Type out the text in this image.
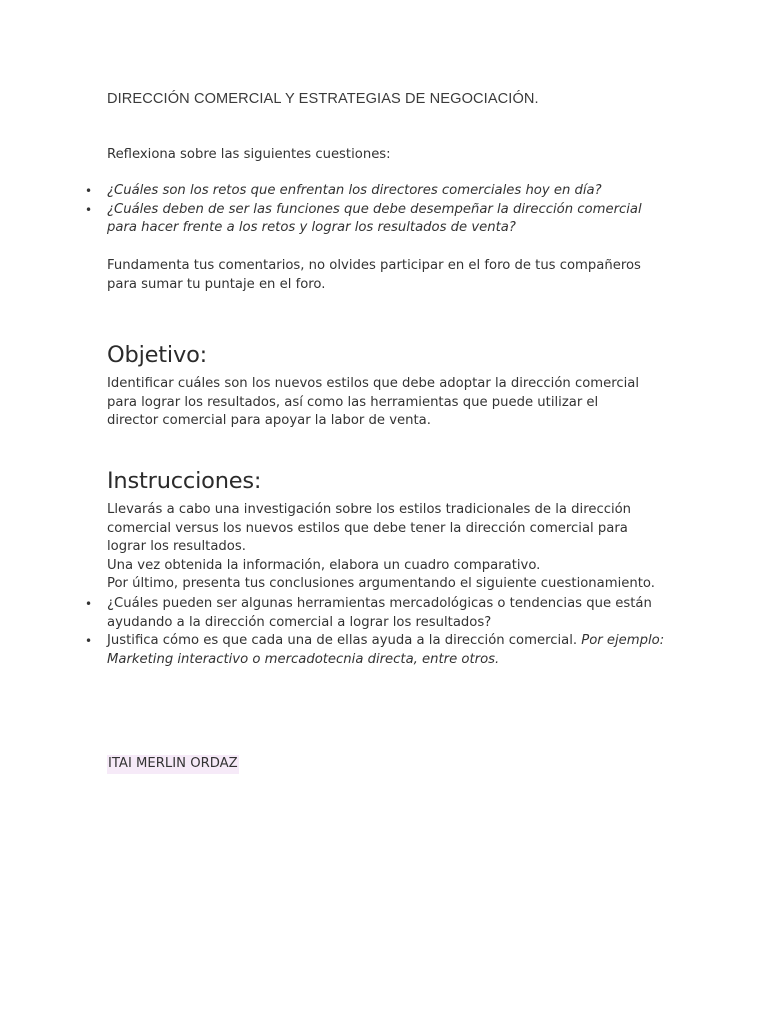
DIRECCIÓN COMERCIAL Y ESTRATEGIAS DE NEGOCIACIÓN.

Reflexiona sobre las siguientes cuestiones:

• ¿Cuáles son los retos que enfrentan los directores comerciales hoy en día?
• ¿Cuáles deben de ser las funciones que debe desempeñar la dirección comercial para hacer frente a los retos y lograr los resultados de venta?

Fundamenta tus comentarios, no olvides participar en el foro de tus compañeros para sumar tu puntaje en el foro.

Objetivo:

Identificar cuáles son los nuevos estilos que debe adoptar la dirección comercial para lograr los resultados, así como las herramientas que puede utilizar el director comercial para apoyar la labor de venta.

Instrucciones:
Llevarás a cabo una investigación sobre los estilos tradicionales de la dirección comercial versus los nuevos estilos que debe tener la dirección comercial para lograr los resultados.
Una vez obtenida la información, elabora un cuadro comparativo.
Por último, presenta tus conclusiones argumentando el siguiente cuestionamiento.
• ¿Cuáles pueden ser algunas herramientas mercadológicas o tendencias que están ayudando a la dirección comercial a lograr los resultados?
• Justifica cómo es que cada una de ellas ayuda a la dirección comercial. Por ejemplo: Marketing interactivo o mercadotecnia directa, entre otros.
ITAI MERLIN ORDAZ
